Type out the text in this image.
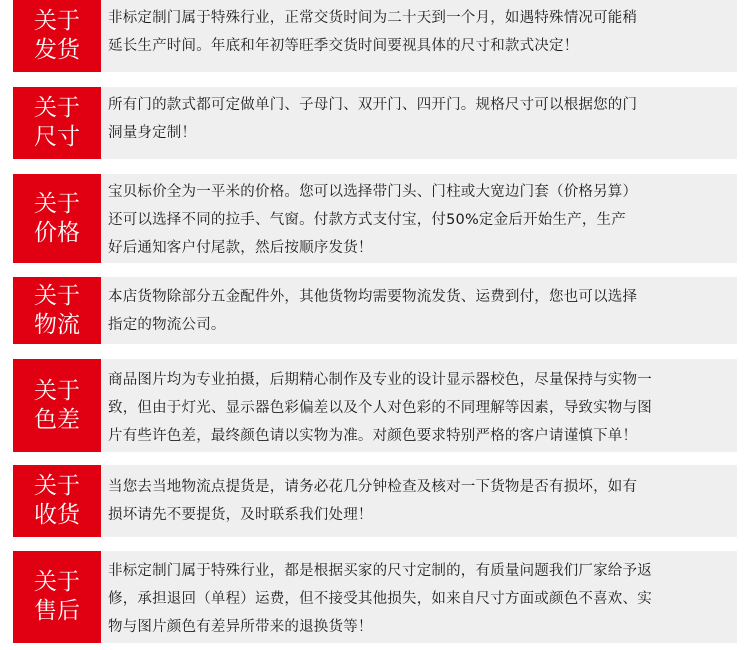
关于
发货
非标定制门属于特殊行业，正常交货时间为二十天到一个月，如遇特殊情况可能稍
延长生产时间。年底和年初等旺季交货时间要视具体的尺寸和款式决定！
关于
尺寸
所有门的款式都可定做单门、子母门、双开门、四开门。规格尺寸可以根据您的门
洞量身定制！
关于
价格
宝贝标价全为一平米的价格。您可以选择带门头、门柱或大宽边门套（价格另算）
还可以选择不同的拉手、气窗。付款方式支付宝，付50%定金后开始生产，生产
好后通知客户付尾款，然后按顺序发货！
关于
物流
本店货物除部分五金配件外，其他货物均需要物流发货、运费到付，您也可以选择
指定的物流公司。
关于
色差
商品图片均为专业拍摄，后期精心制作及专业的设计显示器校色，尽量保持与实物一
致，但由于灯光、显示器色彩偏差以及个人对色彩的不同理解等因素，导致实物与图
片有些许色差，最终颜色请以实物为准。对颜色要求特别严格的客户请谨慎下单！
关于
收货
当您去当地物流点提货是，请务必花几分钟检查及核对一下货物是否有损坏，如有
损坏请先不要提货，及时联系我们处理！
关于
售后
非标定制门属于特殊行业，都是根据买家的尺寸定制的，有质量问题我们厂家给予返
修，承担退回（单程）运费，但不接受其他损失，如来自尺寸方面或颜色不喜欢、实
物与图片颜色有差异所带来的退换货等！
